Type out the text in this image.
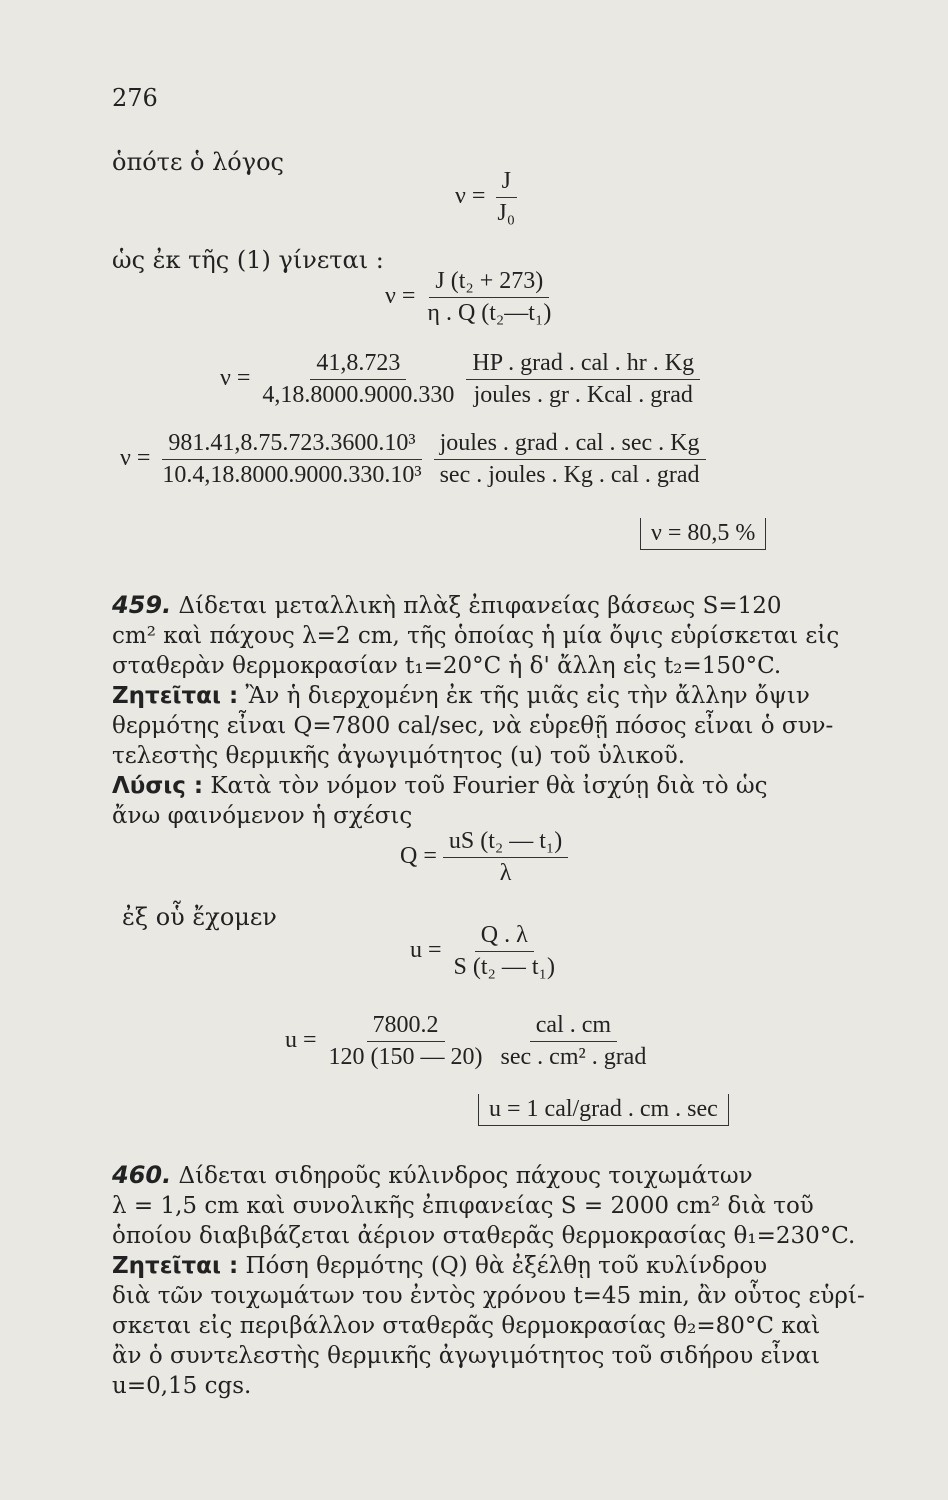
276
ὁπότε ὁ λόγος
$\nu = \frac{J}{\text{J₀}}$
ὡς ἐκ τῆς (1) γίνεται :
$\nu = \frac{\text{J (t₂ + 273)}}{\text{η . Q (t₂—t₁)}}$
$\nu = \frac{41,8.723}{4,18.8000.9000.330}$
$\frac{\text{HP . grad . cal . hr . Kg}}{\text{joules . gr . Kcal . grad}}$
$\nu = \frac{\text{981.41,8.75.723.3600.10³}}{\text{10.4,18.8000.9000.330.10³}}$
$\frac{\text{joules . grad . cal . sec . Kg}}{\text{sec . joules . Kg . cal . grad}}$
ν = 80,5 %
459. Δίδεται μεταλλικὴ πλὰξ ἐπιφανείας βάσεως S=120
cm² καὶ πάχους λ=2 cm, τῆς ὁποίας ἡ μία ὄψις εὑρίσκεται εἰς
σταθερὰν θερμοκρασίαν t₁=20°C ἡ δ' ἄλλη εἰς t₂=150°C.
Ζητεῖται : Ἂν ἡ διερχομένη ἐκ τῆς μιᾶς εἰς τὴν ἄλλην ὄψιν
θερμότης εἶναι Q=7800 cal/sec, νὰ εὑρεθῇ πόσος εἶναι ὁ συν-
τελεστὴς θερμικῆς ἀγωγιμότητος (u) τοῦ ὑλικοῦ.
Λύσις : Κατὰ τὸν νόμον τοῦ Fourier θὰ ἰσχύῃ διὰ τὸ ὡς
ἄνω φαινόμενον ἡ σχέσις
$Q = \frac{\text{uS (t₂ — t₁)}}{\lambda}$
ἐξ οὗ ἔχομεν
$u = \frac{Q . \lambda}{\text{S (t₂ — t₁)}}$
$u = \frac{7800.2}{120 (150 — 20)}$
$\frac{\text{cal . cm}}{\text{sec . cm² . grad}}$
u = 1 cal/grad . cm . sec
460. Δίδεται σιδηροῦς κύλινδρος πάχους τοιχωμάτων
λ = 1,5 cm καὶ συνολικῆς ἐπιφανείας S = 2000 cm² διὰ τοῦ
ὁποίου διαβιβάζεται ἀέριον σταθερᾶς θερμοκρασίας θ₁=230°C.
Ζητεῖται : Πόση θερμότης (Q) θὰ ἐξέλθῃ τοῦ κυλίνδρου
διὰ τῶν τοιχωμάτων του ἐντὸς χρόνου t=45 min, ἂν οὗτος εὑρί-
σκεται εἰς περιβάλλον σταθερᾶς θερμοκρασίας θ₂=80°C καὶ
ἂν ὁ συντελεστὴς θερμικῆς ἀγωγιμότητος τοῦ σιδήρου εἶναι
u=0,15 cgs.
